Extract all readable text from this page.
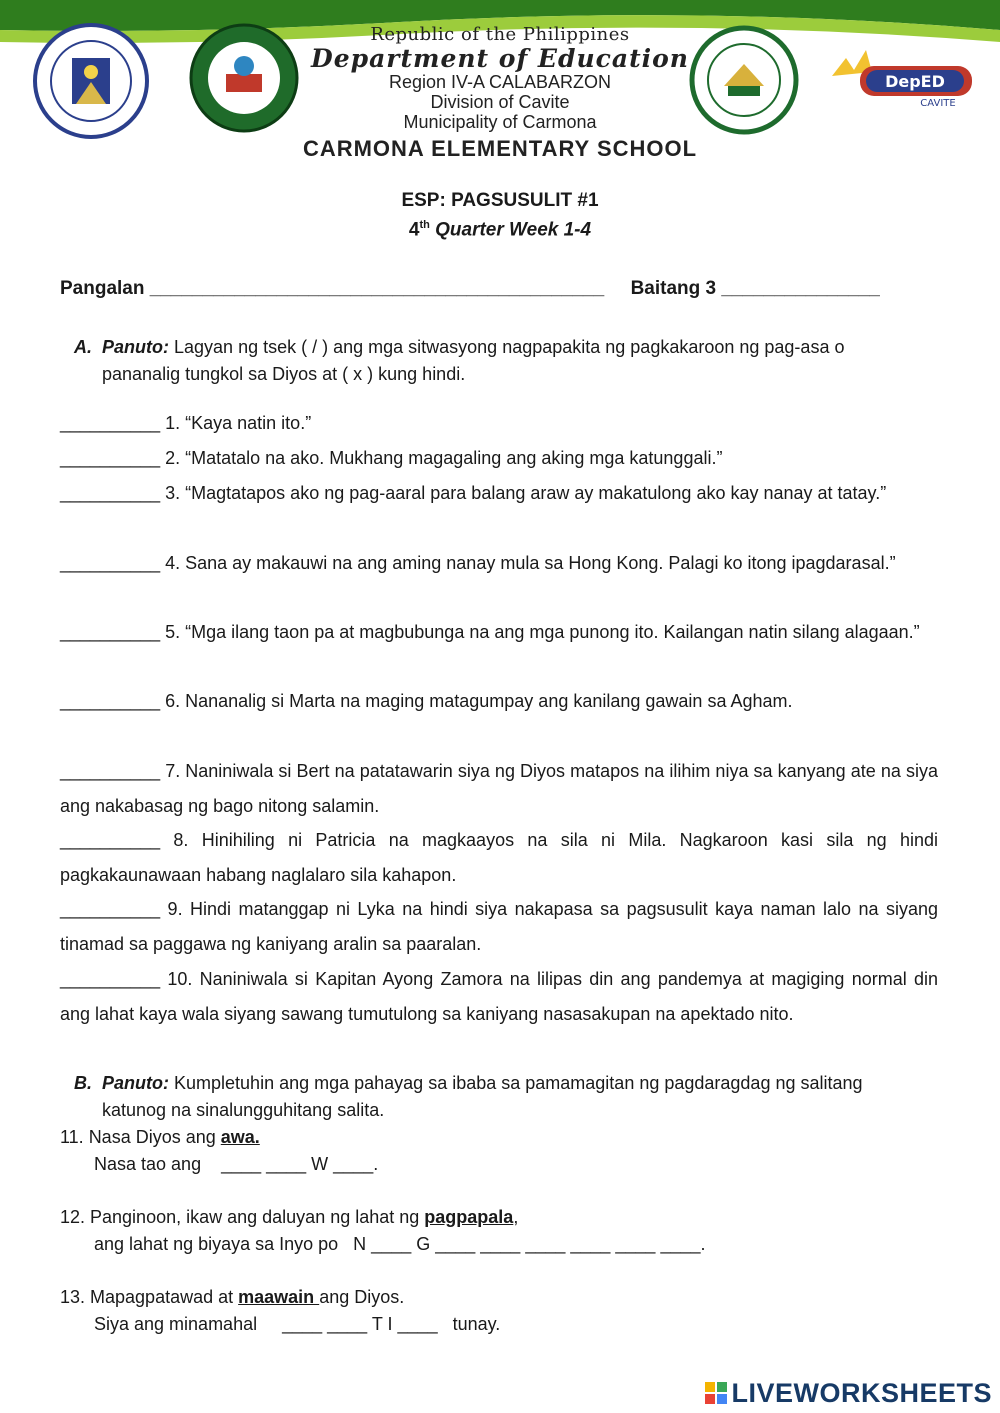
DepED
CAVITE
Republic of the Philippines
Department of Education
Region IV-A CALABARZON
Division of Cavite
Municipality of Carmona
CARMONA ELEMENTARY SCHOOL
ESP: PAGSUSULIT #1
4th Quarter Week 1-4
Pangalan ___________________________________________ Baitang 3 _______________
A. Panuto: Lagyan ng tsek ( / ) ang mga sitwasyong nagpapakita ng pagkakaroon ng pag-asa o
pananalig tungkol sa Diyos at ( x ) kung hindi.
__________ 1. “Kaya natin ito.”
__________ 2. “Matatalo na ako. Mukhang magagaling ang aking mga katunggali.”
__________ 3. “Magtatapos ako ng pag-aaral para balang araw ay makatulong ako kay nanay at tatay.”
__________ 4. Sana ay makauwi na ang aming nanay mula sa Hong Kong. Palagi ko itong ipagdarasal.”
__________ 5. “Mga ilang taon pa at magbubunga na ang mga punong ito. Kailangan natin silang alagaan.”
__________ 6. Nananalig si Marta na maging matagumpay ang kanilang gawain sa Agham.
__________ 7. Naniniwala si Bert na patatawarin siya ng Diyos matapos na ilihim niya sa kanyang ate na siya ang nakabasag ng bago nitong salamin.
__________ 8. Hinihiling ni Patricia na magkaayos na sila ni Mila. Nagkaroon kasi sila ng hindi pagkakaunawaan habang naglalaro sila kahapon.
__________ 9. Hindi matanggap ni Lyka na hindi siya nakapasa sa pagsusulit kaya naman lalo na siyang tinamad sa paggawa ng kaniyang aralin sa paaralan.
__________ 10. Naniniwala si Kapitan Ayong Zamora na lilipas din ang pandemya at magiging normal din ang lahat kaya wala siyang sawang tumutulong sa kaniyang nasasakupan na apektado nito.
B. Panuto: Kumpletuhin ang mga pahayag sa ibaba sa pamamagitan ng pagdaragdag ng salitang
katunog na sinalungguhitang salita.
11. Nasa Diyos ang awa.
Nasa tao ang    ____ ____ W ____.
12. Panginoon, ikaw ang daluyan ng lahat ng pagpapala,
ang lahat ng biyaya sa Inyo po   N ____ G ____ ____ ____ ____ ____ ____.
13. Mapagpatawad at maawain ang Diyos.
Siya ang minamahal     ____ ____ T I ____   tunay.
LIVEWORKSHEETS
